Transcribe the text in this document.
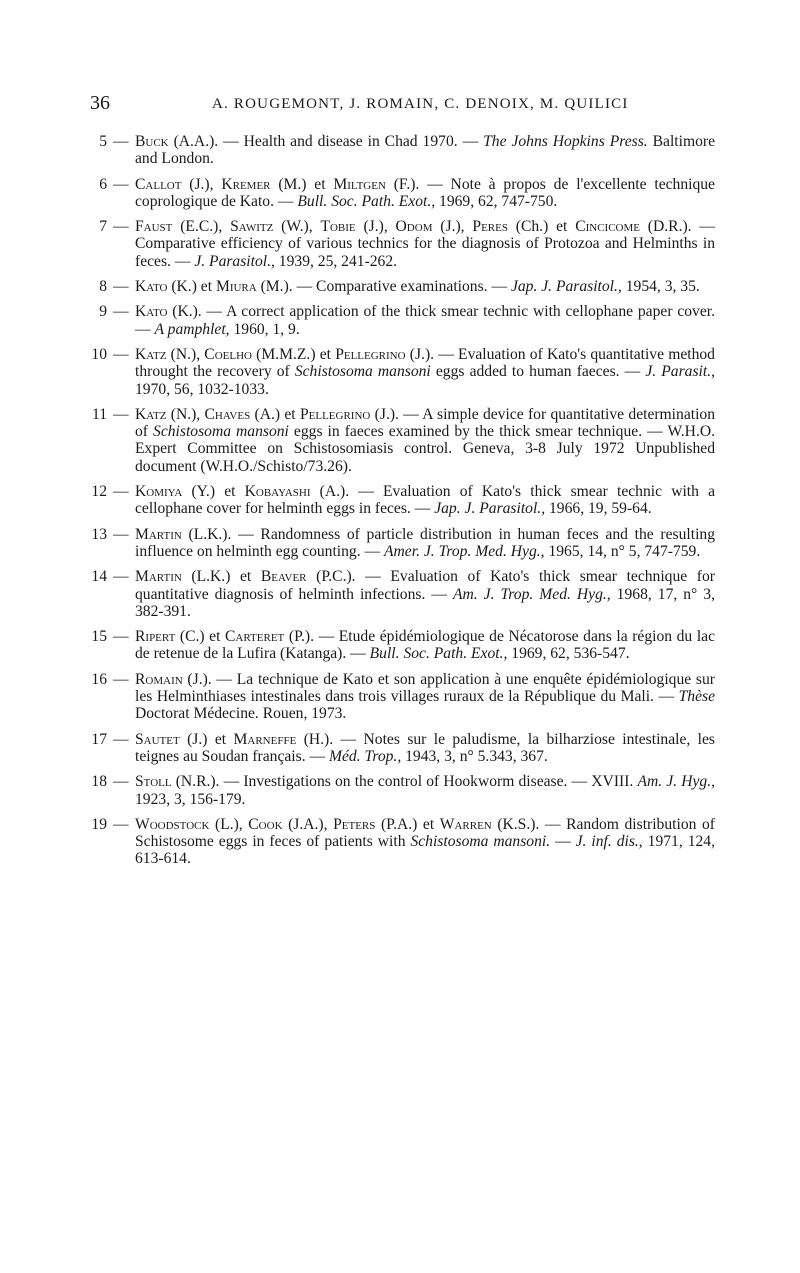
36	A. ROUGEMONT, J. ROMAIN, C. DENOIX, M. QUILICI
5 — Buck (A.A.). — Health and disease in Chad 1970. — The Johns Hopkins Press. Baltimore and London.
6 — Callot (J.), Kremer (M.) et Miltgen (F.). — Note à propos de l'excellente technique coprologique de Kato. — Bull. Soc. Path. Exot., 1969, 62, 747-750.
7 — Faust (E.C.), Sawitz (W.), Tobie (J.), Odom (J.), Peres (Ch.) et Cincicome (D.R.). — Comparative efficiency of various technics for the diagnosis of Protozoa and Helminths in feces. — J. Parasitol., 1939, 25, 241-262.
8 — Kato (K.) et Miura (M.). — Comparative examinations. — Jap. J. Parasitol., 1954, 3, 35.
9 — Kato (K.). — A correct application of the thick smear technic with cellophane paper cover. — A pamphlet, 1960, 1, 9.
10 — Katz (N.), Coelho (M.M.Z.) et Pellegrino (J.). — Evaluation of Kato's quantitative method throught the recovery of Schistosoma mansoni eggs added to human faeces. — J. Parasit., 1970, 56, 1032-1033.
11 — Katz (N.), Chaves (A.) et Pellegrino (J.). — A simple device for quantitative determination of Schistosoma mansoni eggs in faeces examined by the thick smear technique. — W.H.O. Expert Committee on Schistosomiasis control. Geneva, 3-8 July 1972 Unpublished document (W.H.O./Schisto/73.26).
12 — Komiya (Y.) et Kobayashi (A.). — Evaluation of Kato's thick smear technic with a cellophane cover for helminth eggs in feces. — Jap. J. Parasitol., 1966, 19, 59-64.
13 — Martin (L.K.). — Randomness of particle distribution in human feces and the resulting influence on helminth egg counting. — Amer. J. Trop. Med. Hyg., 1965, 14, n° 5, 747-759.
14 — Martin (L.K.) et Beaver (P.C.). — Evaluation of Kato's thick smear technique for quantitative diagnosis of helminth infections. — Am. J. Trop. Med. Hyg., 1968, 17, n° 3, 382-391.
15 — Ripert (C.) et Carteret (P.). — Etude épidémiologique de Nécatorose dans la région du lac de retenue de la Lufira (Katanga). — Bull. Soc. Path. Exot., 1969, 62, 536-547.
16 — Romain (J.). — La technique de Kato et son application à une enquête épidémiologique sur les Helminthiases intestinales dans trois villages ruraux de la République du Mali. — Thèse Doctorat Médecine. Rouen, 1973.
17 — Sautet (J.) et Marneffe (H.). — Notes sur le paludisme, la bilharziose intestinale, les teignes au Soudan français. — Méd. Trop., 1943, 3, n° 5.343, 367.
18 — Stoll (N.R.). — Investigations on the control of Hookworm disease. — XVIII. Am. J. Hyg., 1923, 3, 156-179.
19 — Woodstock (L.), Cook (J.A.), Peters (P.A.) et Warren (K.S.). — Random distribution of Schistosome eggs in feces of patients with Schistosoma mansoni. — J. inf. dis., 1971, 124, 613-614.
